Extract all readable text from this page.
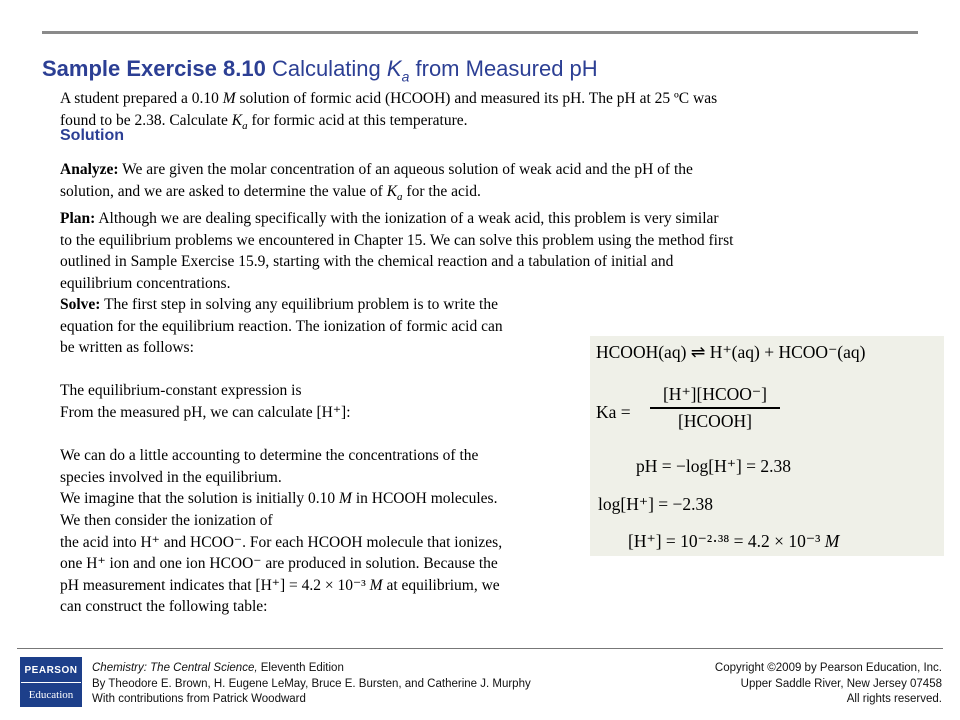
Sample Exercise 8.10 Calculating $K_a$ from Measured pH
A student prepared a 0.10 M solution of formic acid (HCOOH) and measured its pH. The pH at 25 ºC was
found to be 2.38. Calculate $K_a$ for formic acid at this temperature.
Solution
Analyze: We are given the molar concentration of an aqueous solution of weak acid and the pH of the
solution, and we are asked to determine the value of $K_a$ for the acid.
Plan: Although we are dealing specifically with the ionization of a weak acid, this problem is very similar
to the equilibrium problems we encountered in Chapter 15. We can solve this problem using the method first
outlined in Sample Exercise 15.9, starting with the chemical reaction and a tabulation of initial and
equilibrium concentrations.
Solve: The first step in solving any equilibrium problem is to write the
equation for the equilibrium reaction. The ionization of formic acid can
be written as follows:
The equilibrium-constant expression is
From the measured pH, we can calculate [H⁺]:
We can do a little accounting to determine the concentrations of the
species involved in the equilibrium.
We imagine that the solution is initially 0.10 M in HCOOH molecules.
We then consider the ionization of
the acid into H⁺ and HCOO⁻. For each HCOOH molecule that ionizes,
one H⁺ ion and one ion HCOO⁻ are produced in solution. Because the
pH measurement indicates that [H⁺] = 4.2 × 10⁻³ M at equilibrium, we
can construct the following table:
HCOOH(aq) ⇌ H⁺(aq) + HCOO⁻(aq)
Ka =
[H⁺][HCOO⁻]
[HCOOH]
pH = −log[H⁺] = 2.38
log[H⁺] = −2.38
[H⁺] = 10⁻²·³⁸ = 4.2 × 10⁻³ M
PEARSON
Education
Chemistry: The Central Science, Eleventh Edition
By Theodore E. Brown, H. Eugene LeMay, Bruce E. Bursten, and Catherine J. Murphy
With contributions from Patrick Woodward
Copyright ©2009 by Pearson Education, Inc.
Upper Saddle River, New Jersey 07458
All rights reserved.
